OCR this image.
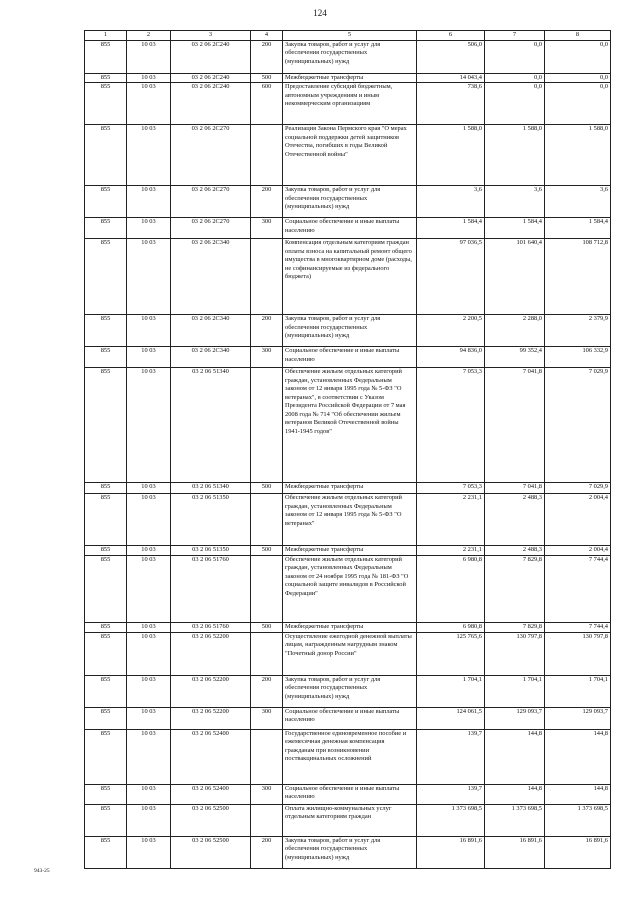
124
1	2	3	4	5	6	7	8
855	10 03	03 2 06 2С240	200	Закупка товаров, работ и услуг для обеспечения государственных (муниципальных) нужд	506,0	0,0	0,0
855	10 03	03 2 06 2С240	500	Межбюджетные трансферты	14 043,4	0,0	0,0
855	10 03	03 2 06 2С240	600	Предоставление субсидий бюджетным, автономным учреждениям и иным некоммерческим организациям	738,6	0,0	0,0
855	10 03	03 2 06 2С270		Реализация Закона Пермского края "О мерах социальной поддержки детей защитников Отечества, погибших в годы Великой Отечественной войны"	1 588,0	1 588,0	1 588,0
855	10 03	03 2 06 2С270	200	Закупка товаров, работ и услуг для обеспечения государственных (муниципальных) нужд	3,6	3,6	3,6
855	10 03	03 2 06 2С270	300	Социальное обеспечение и иные выплаты населению	1 584,4	1 584,4	1 584,4
855	10 03	03 2 06 2С340		Компенсация отдельным категориям граждан оплаты взноса на капитальный ремонт общего имущества в многоквартирном доме (расходы, не софинансируемые из федерального бюджета)	97 036,5	101 640,4	108 712,8
855	10 03	03 2 06 2С340	200	Закупка товаров, работ и услуг для обеспечения государственных (муниципальных) нужд	2 200,5	2 288,0	2 379,9
855	10 03	03 2 06 2С340	300	Социальное обеспечение и иные выплаты населению	94 836,0	99 352,4	106 332,9
855	10 03	03 2 06 51340		Обеспечение жильем отдельных категорий граждан, установленных Федеральным законом от 12 января 1995 года № 5-ФЗ "О ветеранах", в соответствии с Указом Президента Российской Федерации от 7 мая 2008 года № 714 "Об обеспечении жильем ветеранов Великой Отечественной войны 1941-1945 годов"	7 053,3	7 041,8	7 029,9
855	10 03	03 2 06 51340	500	Межбюджетные трансферты	7 053,3	7 041,8	7 029,9
855	10 03	03 2 06 51350		Обеспечение жильем отдельных категорий граждан, установленных Федеральным законом от 12 января 1995 года № 5-ФЗ "О ветеранах"	2 231,1	2 488,3	2 004,4
855	10 03	03 2 06 51350	500	Межбюджетные трансферты	2 231,1	2 488,3	2 004,4
855	10 03	03 2 06 51760		Обеспечение жильем отдельных категорий граждан, установленных Федеральным законом от 24 ноября 1995 года № 181-ФЗ "О социальной защите инвалидов в Российской Федерации"	6 980,8	7 829,8	7 744,4
855	10 03	03 2 06 51760	500	Межбюджетные трансферты	6 980,8	7 829,8	7 744,4
855	10 03	03 2 06 52200		Осуществление ежегодной денежной выплаты лицам, награжденным нагрудным знаком "Почетный донор России"	125 765,6	130 797,8	130 797,8
855	10 03	03 2 06 52200	200	Закупка товаров, работ и услуг для обеспечения государственных (муниципальных) нужд	1 704,1	1 704,1	1 704,1
855	10 03	03 2 06 52200	300	Социальное обеспечение и иные выплаты населению	124 061,5	129 093,7	129 093,7
855	10 03	03 2 06 52400		Государственное единовременное пособие и ежемесячная денежная компенсация гражданам при возникновении поствакцинальных осложнений	139,7	144,8	144,8
855	10 03	03 2 06 52400	300	Социальное обеспечение и иные выплаты населению	139,7	144,8	144,8
855	10 03	03 2 06 52500		Оплата жилищно-коммунальных услуг отдельным категориям граждан	1 373 698,5	1 373 698,5	1 373 698,5
855	10 03	03 2 06 52500	200	Закупка товаров, работ и услуг для обеспечения государственных (муниципальных) нужд	16 891,6	16 891,6	16 891,6
943-25
